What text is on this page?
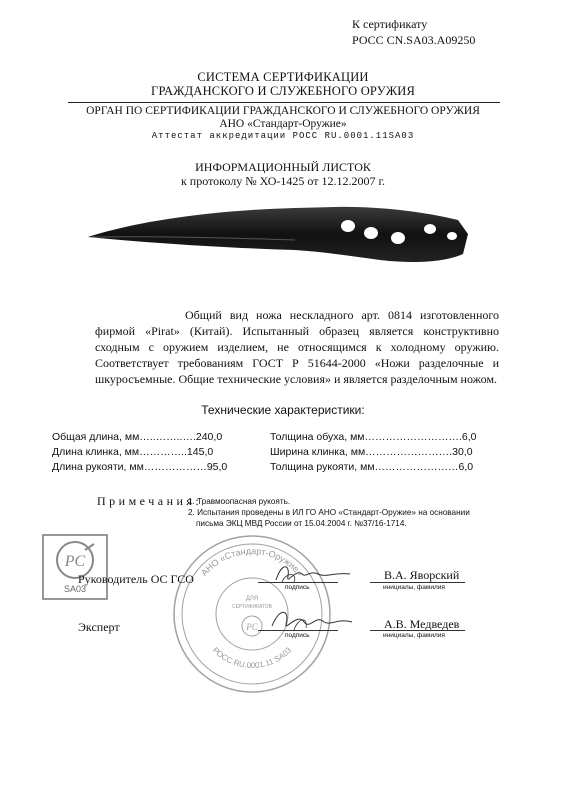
К сертификату
РОСС CN.SA03.A09250
СИСТЕМА СЕРТИФИКАЦИИ
ГРАЖДАНСКОГО И СЛУЖЕБНОГО ОРУЖИЯ
ОРГАН ПО СЕРТИФИКАЦИИ ГРАЖДАНСКОГО И СЛУЖЕБНОГО ОРУЖИЯ
АНО «Стандарт-Оружие»
Аттестат аккредитации РОСС RU.0001.11SA03
ИНФОРМАЦИОННЫЙ ЛИСТОК
к протоколу № ХО-1425 от 12.12.2007 г.
Общий вид ножа нескладного арт. 0814 изготовленного фирмой «Pirat» (Китай). Испытанный образец является конструктивно сходным с оружием изделием, не относящимся к холодному оружию. Соответствует требованиям ГОСТ Р 51644-2000 «Ножи разделочные и шкуросъемные. Общие технические условия» и является разделочным ножом.
Технические характеристики:
Общая длина, мм…..……..….240,0
Длина клинка, мм…………..145,0
Длина рукояти, мм………………95,0
Толщина обуха, мм……………………….6,0
Ширина клинка, мм…………………….30,0
Толщина рукояти, мм……………………6,0
Примечания:
1. Травмоопасная рукоять.
2. Испытания проведены в ИЛ ГО АНО «Стандарт-Оружие» на основании
письма ЭКЦ МВД России от 15.04.2004 г. №37/16-1714.
PC
SA03
АНО «Стандарт-Оружие»
РОСС RU.0001.11 SA03
ДЛЯ
СЕРТИФИКАТОВ
PC
Руководитель ОС ГСО
Эксперт
подпись
подпись
инициалы, фамилия
инициалы, фамилия
В.А. Яворский
А.В. Медведев
